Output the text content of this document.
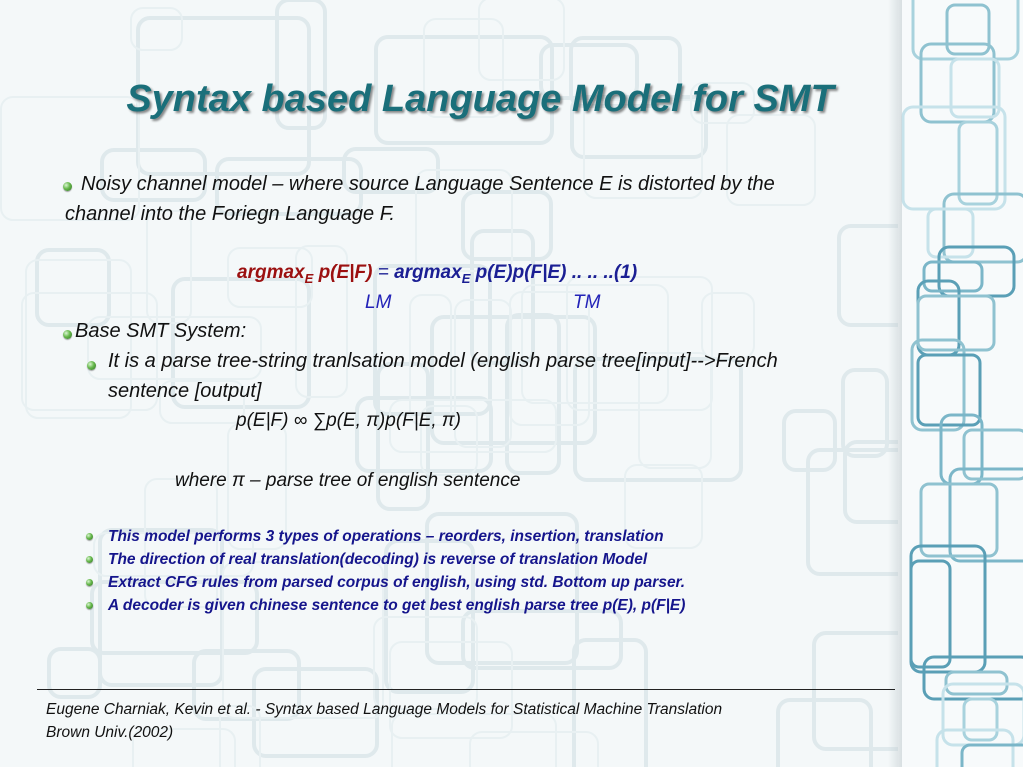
Syntax based Language Model for SMT
Noisy channel model – where source Language Sentence E is distorted by the
channel into the Foriegn Language F.
argmax$_E$ p(E|F) = argmax$_E$ p(E)p(F|E) .. .. ..(1)
LM	TM
Base SMT System:
It is a parse tree-string tranlsation model (english parse tree[input]-->French
sentence [output]
p(E|F) ∞ ∑p(E, π)p(F|E, π)
where π – parse tree of english sentence
This model performs 3 types of operations – reorders, insertion, translation
The direction of real translation(decoding) is reverse of translation Model
Extract CFG rules from parsed corpus of english, using std. Bottom up parser.
A decoder is given chinese sentence to get best english parse tree p(E), p(F|E)
Eugene Charniak, Kevin et al. - Syntax based Language Models for Statistical Machine Translation
Brown Univ.(2002)
